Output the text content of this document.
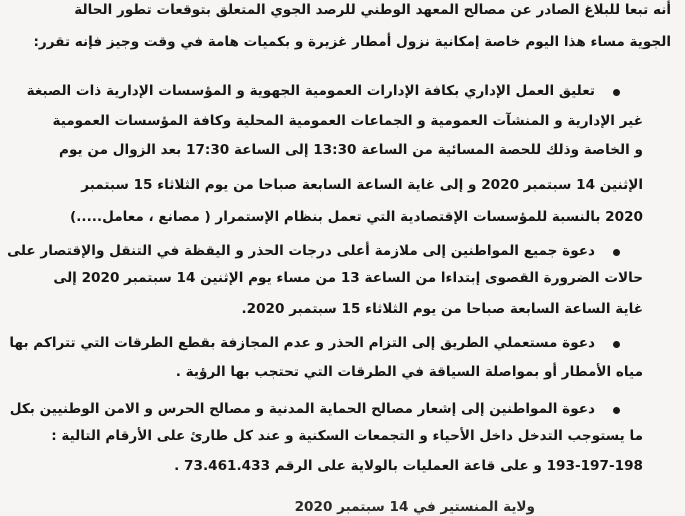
أنه تبعا للبلاغ الصادر عن مصالح المعهد الوطني للرصد الجوي المتعلق بتوقعات تطور الحالة
الجوية مساء هذا اليوم خاصة إمكانية نزول أمطار غزيرة و بكميات هامة في وقت وجيز فإنه تقرر:
تعليق العمل الإداري بكافة الإدارات العمومية الجهوية و المؤسسات الإدارية ذات الصبغة
غير الإدارية و المنشآت العمومية و الجماعات العمومية المحلية وكافة المؤسسات العمومية
و الخاصة وذلك للحصة المسائية من الساعة 13:30 إلى الساعة 17:30 بعد الزوال من يوم
الإثنين 14 سبتمبر 2020 و إلى غاية الساعة السابعة صباحا من يوم الثلاثاء 15 سبتمبر
2020 بالنسبة للمؤسسات الإقتصادية التي تعمل بنظام الإستمرار ( مصانع ، معامل.....)
دعوة جميع المواطنين إلى ملازمة أعلى درجات الحذر و اليقظة في التنقل والإقتصار على
حالات الضرورة القصوى إبتداءا من الساعة 13 من مساء يوم الإثنين 14 سبتمبر 2020 إلى
غاية الساعة السابعة صباحا من يوم الثلاثاء 15 سبتمبر 2020.
دعوة مستعملي الطريق إلى التزام الحذر و عدم المجازفة بقطع الطرقات التي تتراكم بها
مياه الأمطار أو بمواصلة السياقة في الطرقات التي تحتجب بها الرؤية .
دعوة المواطنين إلى إشعار مصالح الحماية المدنية و مصالح الحرس و الامن الوطنيين بكل
ما يستوجب التدخل داخل الأحياء و التجمعات السكنية و عند كل طارئ على الأرقام التالية :
193-197-198 و على قاعة العمليات بالولاية على الرقم 73.461.433 .
ولاية المنستير في 14 سبتمبر 2020
